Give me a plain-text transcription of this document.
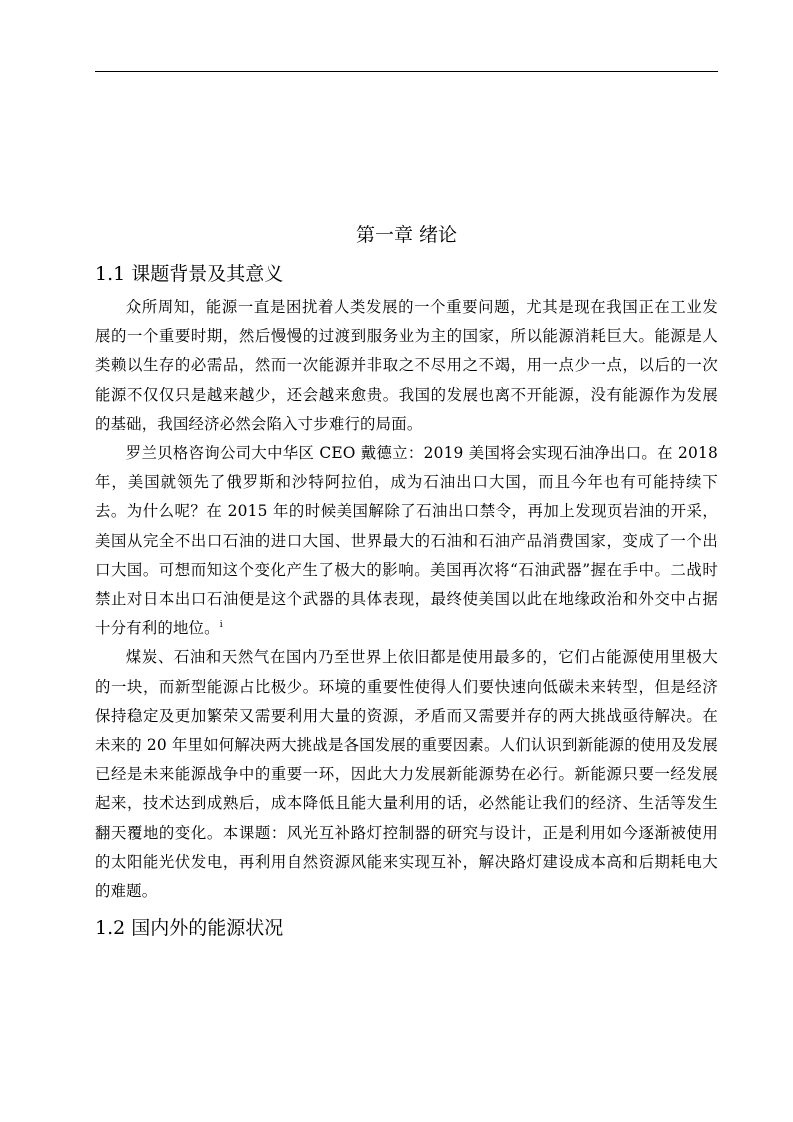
第一章 绪论
1.1 课题背景及其意义

众所周知，能源一直是困扰着人类发展的一个重要问题，尤其是现在我国正在工业发展的一个重要时期，然后慢慢的过渡到服务业为主的国家，所以能源消耗巨大。能源是人类赖以生存的必需品，然而一次能源并非取之不尽用之不竭，用一点少一点，以后的一次能源不仅仅只是越来越少，还会越来愈贵。我国的发展也离不开能源，没有能源作为发展的基础，我国经济必然会陷入寸步难行的局面。

罗兰贝格咨询公司大中华区 CEO 戴德立：2019 美国将会实现石油净出口。在 2018 年，美国就领先了俄罗斯和沙特阿拉伯，成为石油出口大国，而且今年也有可能持续下去。为什么呢？在 2015 年的时候美国解除了石油出口禁令，再加上发现页岩油的开采，美国从完全不出口石油的进口大国、世界最大的石油和石油产品消费国家，变成了一个出口大国。可想而知这个变化产生了极大的影响。美国再次将“石油武器”握在手中。二战时禁止对日本出口石油便是这个武器的具体表现，最终使美国以此在地缘政治和外交中占据十分有利的地位。$^i$

煤炭、石油和天然气在国内乃至世界上依旧都是使用最多的，它们占能源使用里极大的一块，而新型能源占比极少。环境的重要性使得人们要快速向低碳未来转型，但是经济保持稳定及更加繁荣又需要利用大量的资源，矛盾而又需要并存的两大挑战亟待解决。在未来的 20 年里如何解决两大挑战是各国发展的重要因素。人们认识到新能源的使用及发展已经是未来能源战争中的重要一环，因此大力发展新能源势在必行。新能源只要一经发展起来，技术达到成熟后，成本降低且能大量利用的话，必然能让我们的经济、生活等发生翻天覆地的变化。本课题：风光互补路灯控制器的研究与设计，正是利用如今逐渐被使用的太阳能光伏发电，再利用自然资源风能来实现互补，解决路灯建设成本高和后期耗电大的难题。

1.2 国内外的能源状况
